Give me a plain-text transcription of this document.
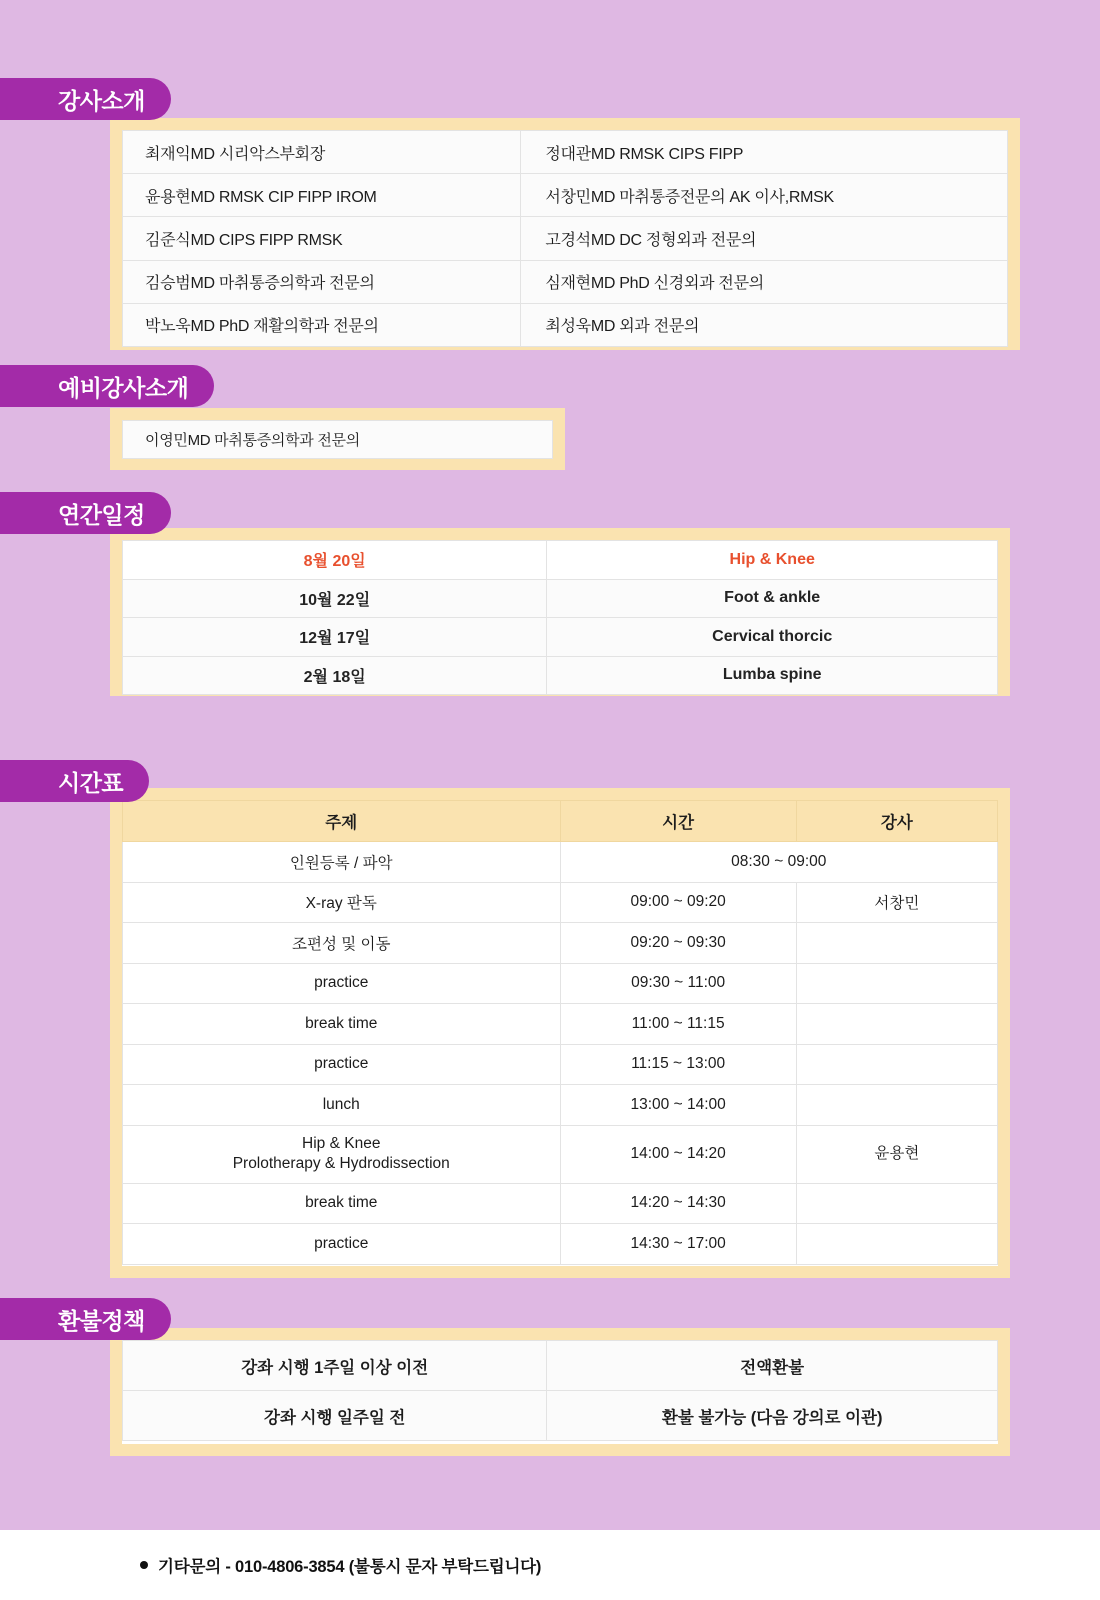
강사소개
최재익MD 시리악스부회장	정대관MD RMSK CIPS FIPP
윤용현MD RMSK CIP FIPP IROM	서창민MD 마취통증전문의 AK 이사,RMSK
김준식MD CIPS FIPP RMSK	고경석MD DC 정형외과 전문의
김승범MD 마취통증의학과 전문의	심재현MD PhD 신경외과 전문의
박노욱MD PhD 재활의학과 전문의	최성욱MD 외과 전문의
예비강사소개
이영민MD 마취통증의학과 전문의
연간일정
8월 20일	Hip & Knee
10월 22일	Foot & ankle
12월 17일	Cervical thorcic
2월 18일	Lumba spine
시간표
주제	시간	강사
인원등록 / 파악	08:30 ~ 09:00	
X-ray 판독	09:00 ~ 09:20	서창민
조편성 및 이동	09:20 ~ 09:30	
practice	09:30 ~ 11:00	
break time	11:00 ~ 11:15	
practice	11:15 ~ 13:00	
lunch	13:00 ~ 14:00	
Hip & Knee
Prolotherapy & Hydrodissection	14:00 ~ 14:20	윤용현
break time	14:20 ~ 14:30	
practice	14:30 ~ 17:00	
환불정책
강좌 시행 1주일 이상 이전	전액환불
강좌 시행 일주일 전	환불 불가능 (다음 강의로 이관)
기타문의 - 010-4806-3854 (불통시 문자 부탁드립니다)
